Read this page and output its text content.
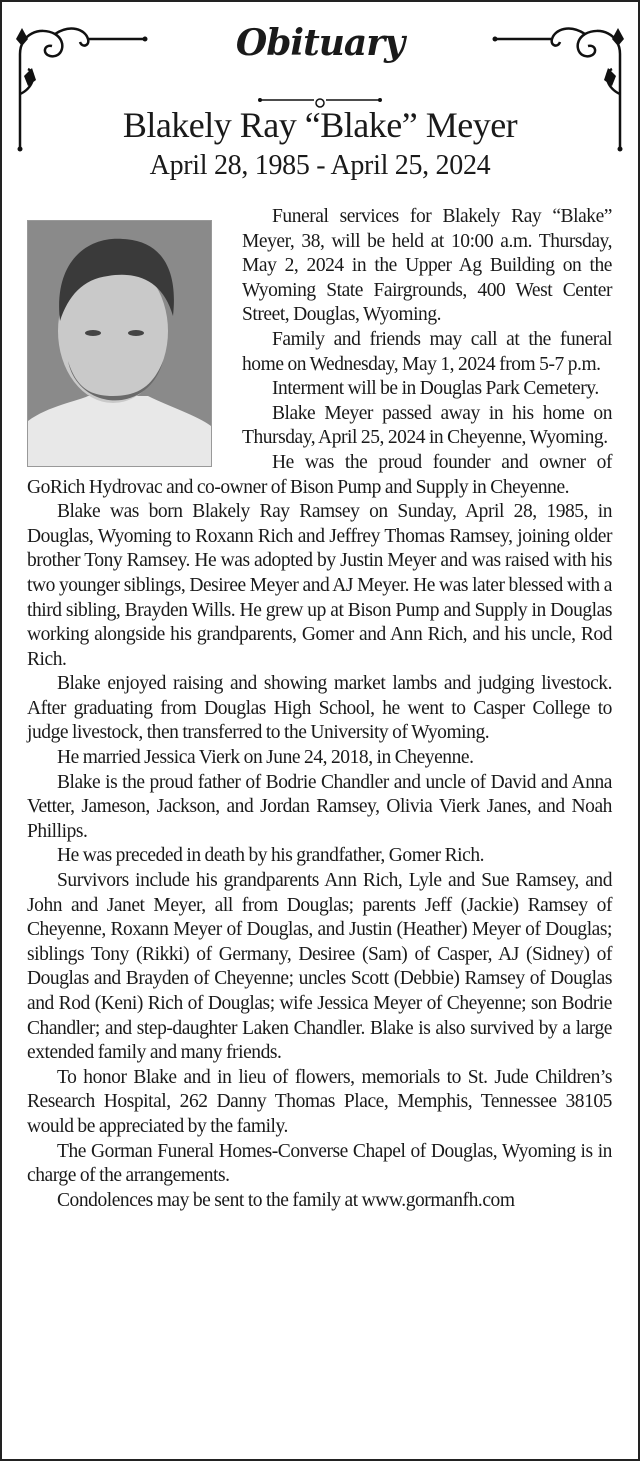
Obituary
Blakely Ray “Blake” Meyer
April 28, 1985 - April 25, 2024

Funeral services for Blakely Ray “Blake” Meyer, 38, will be held at 10:00 a.m. Thursday, May 2, 2024 in the Upper Ag Building on the Wyoming State Fairgrounds, 400 West Center Street, Douglas, Wyoming.

Family and friends may call at the funeral home on Wednesday, May 1, 2024 from 5-7 p.m.

Interment will be in Douglas Park Cemetery.

Blake Meyer passed away in his home on Thursday, April 25, 2024 in Cheyenne, Wyoming.

He was the proud founder and owner of GoRich Hydrovac and co-owner of Bison Pump and Supply in Cheyenne.

Blake was born Blakely Ray Ramsey on Sunday, April 28, 1985, in Douglas, Wyoming to Roxann Rich and Jeffrey Thomas Ramsey, joining older brother Tony Ramsey. He was adopted by Justin Meyer and was raised with his two younger siblings, Desiree Meyer and AJ Meyer. He was later blessed with a third sibling, Brayden Wills. He grew up at Bison Pump and Supply in Douglas working alongside his grandparents, Gomer and Ann Rich, and his uncle, Rod Rich.

Blake enjoyed raising and showing market lambs and judging livestock. After graduating from Douglas High School, he went to Casper College to judge livestock, then transferred to the University of Wyoming.

He married Jessica Vierk on June 24, 2018, in Cheyenne.

Blake is the proud father of Bodrie Chandler and uncle of David and Anna Vetter, Jameson, Jackson, and Jordan Ramsey, Olivia Vierk Janes, and Noah Phillips.

He was preceded in death by his grandfather, Gomer Rich.

Survivors include his grandparents Ann Rich, Lyle and Sue Ramsey, and John and Janet Meyer, all from Douglas; parents Jeff (Jackie) Ramsey of Cheyenne, Roxann Meyer of Douglas, and Justin (Heather) Meyer of Douglas; siblings Tony (Rikki) of Germany, Desiree (Sam) of Casper, AJ (Sidney) of Douglas and Brayden of Cheyenne; uncles Scott (Debbie) Ramsey of Douglas and Rod (Keni) Rich of Douglas; wife Jessica Meyer of Cheyenne; son Bodrie Chandler; and step-daughter Laken Chandler. Blake is also survived by a large extended family and many friends.

To honor Blake and in lieu of flowers, memorials to St. Jude Children’s Research Hospital, 262 Danny Thomas Place, Memphis, Tennessee 38105 would be appreciated by the family.

The Gorman Funeral Homes-Converse Chapel of Douglas, Wyoming is in charge of the arrangements.

Condolences may be sent to the family at www.gormanfh.com
